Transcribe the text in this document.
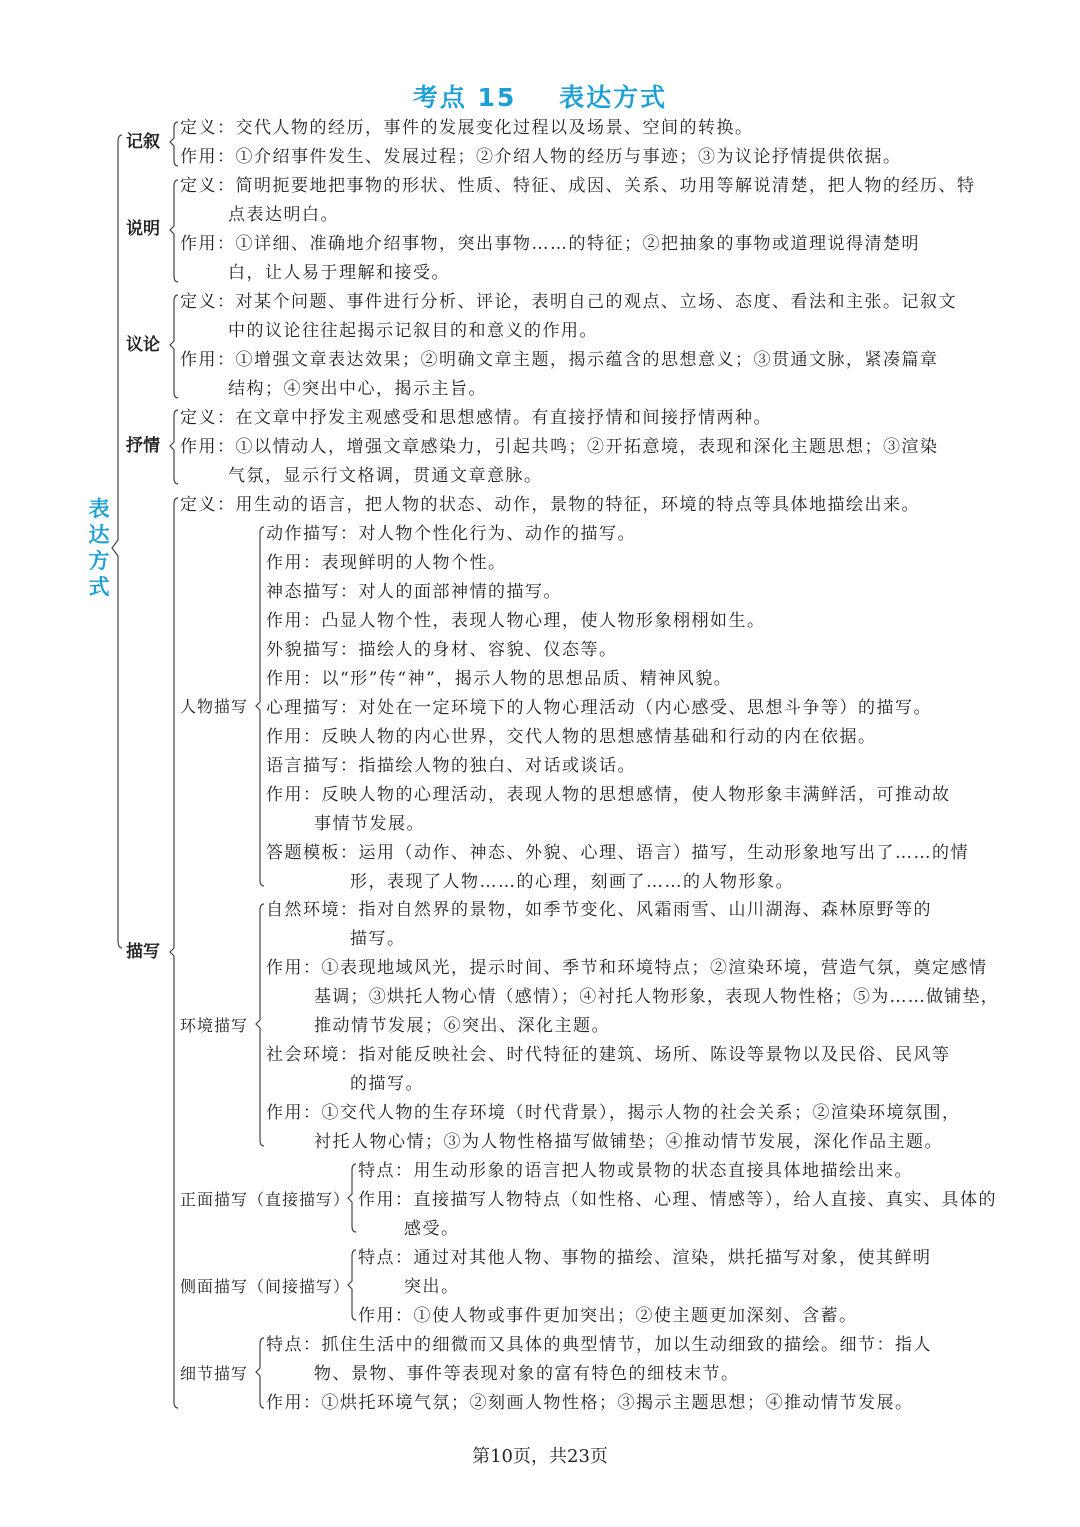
考点 15 表达方式
表达方式
记叙
定义：交代人物的经历，事件的发展变化过程以及场景、空间的转换。
作用：①介绍事件发生、发展过程；②介绍人物的经历与事迹；③为议论抒情提供依据。
说明
定义：简明扼要地把事物的形状、性质、特征、成因、关系、功用等解说清楚，把人物的经历、特
点表达明白。
作用：①详细、准确地介绍事物，突出事物……的特征；②把抽象的事物或道理说得清楚明
白，让人易于理解和接受。
议论
定义：对某个问题、事件进行分析、评论，表明自己的观点、立场、态度、看法和主张。记叙文
中的议论往往起揭示记叙目的和意义的作用。
作用：①增强文章表达效果；②明确文章主题，揭示蕴含的思想意义；③贯通文脉，紧凑篇章
结构；④突出中心，揭示主旨。
抒情
定义：在文章中抒发主观感受和思想感情。有直接抒情和间接抒情两种。
作用：①以情动人，增强文章感染力，引起共鸣；②开拓意境，表现和深化主题思想；③渲染
气氛，显示行文格调，贯通文章意脉。
描写
定义：用生动的语言，把人物的状态、动作，景物的特征，环境的特点等具体地描绘出来。
人物描写
动作描写：对人物个性化行为、动作的描写。
作用：表现鲜明的人物个性。
神态描写：对人的面部神情的描写。
作用：凸显人物个性，表现人物心理，使人物形象栩栩如生。
外貌描写：描绘人的身材、容貌、仪态等。
作用：以“形”传“神”，揭示人物的思想品质、精神风貌。
心理描写：对处在一定环境下的人物心理活动（内心感受、思想斗争等）的描写。
作用：反映人物的内心世界，交代人物的思想感情基础和行动的内在依据。
语言描写：指描绘人物的独白、对话或谈话。
作用：反映人物的心理活动，表现人物的思想感情，使人物形象丰满鲜活，可推动故
事情节发展。
答题模板：运用（动作、神态、外貌、心理、语言）描写，生动形象地写出了……的情
形，表现了人物……的心理，刻画了……的人物形象。
环境描写
自然环境：指对自然界的景物，如季节变化、风霜雨雪、山川湖海、森林原野等的
描写。
作用：①表现地域风光，提示时间、季节和环境特点；②渲染环境，营造气氛，奠定感情
基调；③烘托人物心情（感情）；④衬托人物形象，表现人物性格；⑤为……做铺垫，
推动情节发展；⑥突出、深化主题。
社会环境：指对能反映社会、时代特征的建筑、场所、陈设等景物以及民俗、民风等
的描写。
作用：①交代人物的生存环境（时代背景），揭示人物的社会关系；②渲染环境氛围，
衬托人物心情；③为人物性格描写做铺垫；④推动情节发展，深化作品主题。
正面描写（直接描写）
特点：用生动形象的语言把人物或景物的状态直接具体地描绘出来。
作用：直接描写人物特点（如性格、心理、情感等），给人直接、真实、具体的
感受。
侧面描写（间接描写）
特点：通过对其他人物、事物的描绘、渲染，烘托描写对象，使其鲜明
突出。
作用：①使人物或事件更加突出；②使主题更加深刻、含蓄。
细节描写
特点：抓住生活中的细微而又具体的典型情节，加以生动细致的描绘。细节：指人
物、景物、事件等表现对象的富有特色的细枝末节。
作用：①烘托环境气氛；②刻画人物性格；③揭示主题思想；④推动情节发展。
第10页，共23页
